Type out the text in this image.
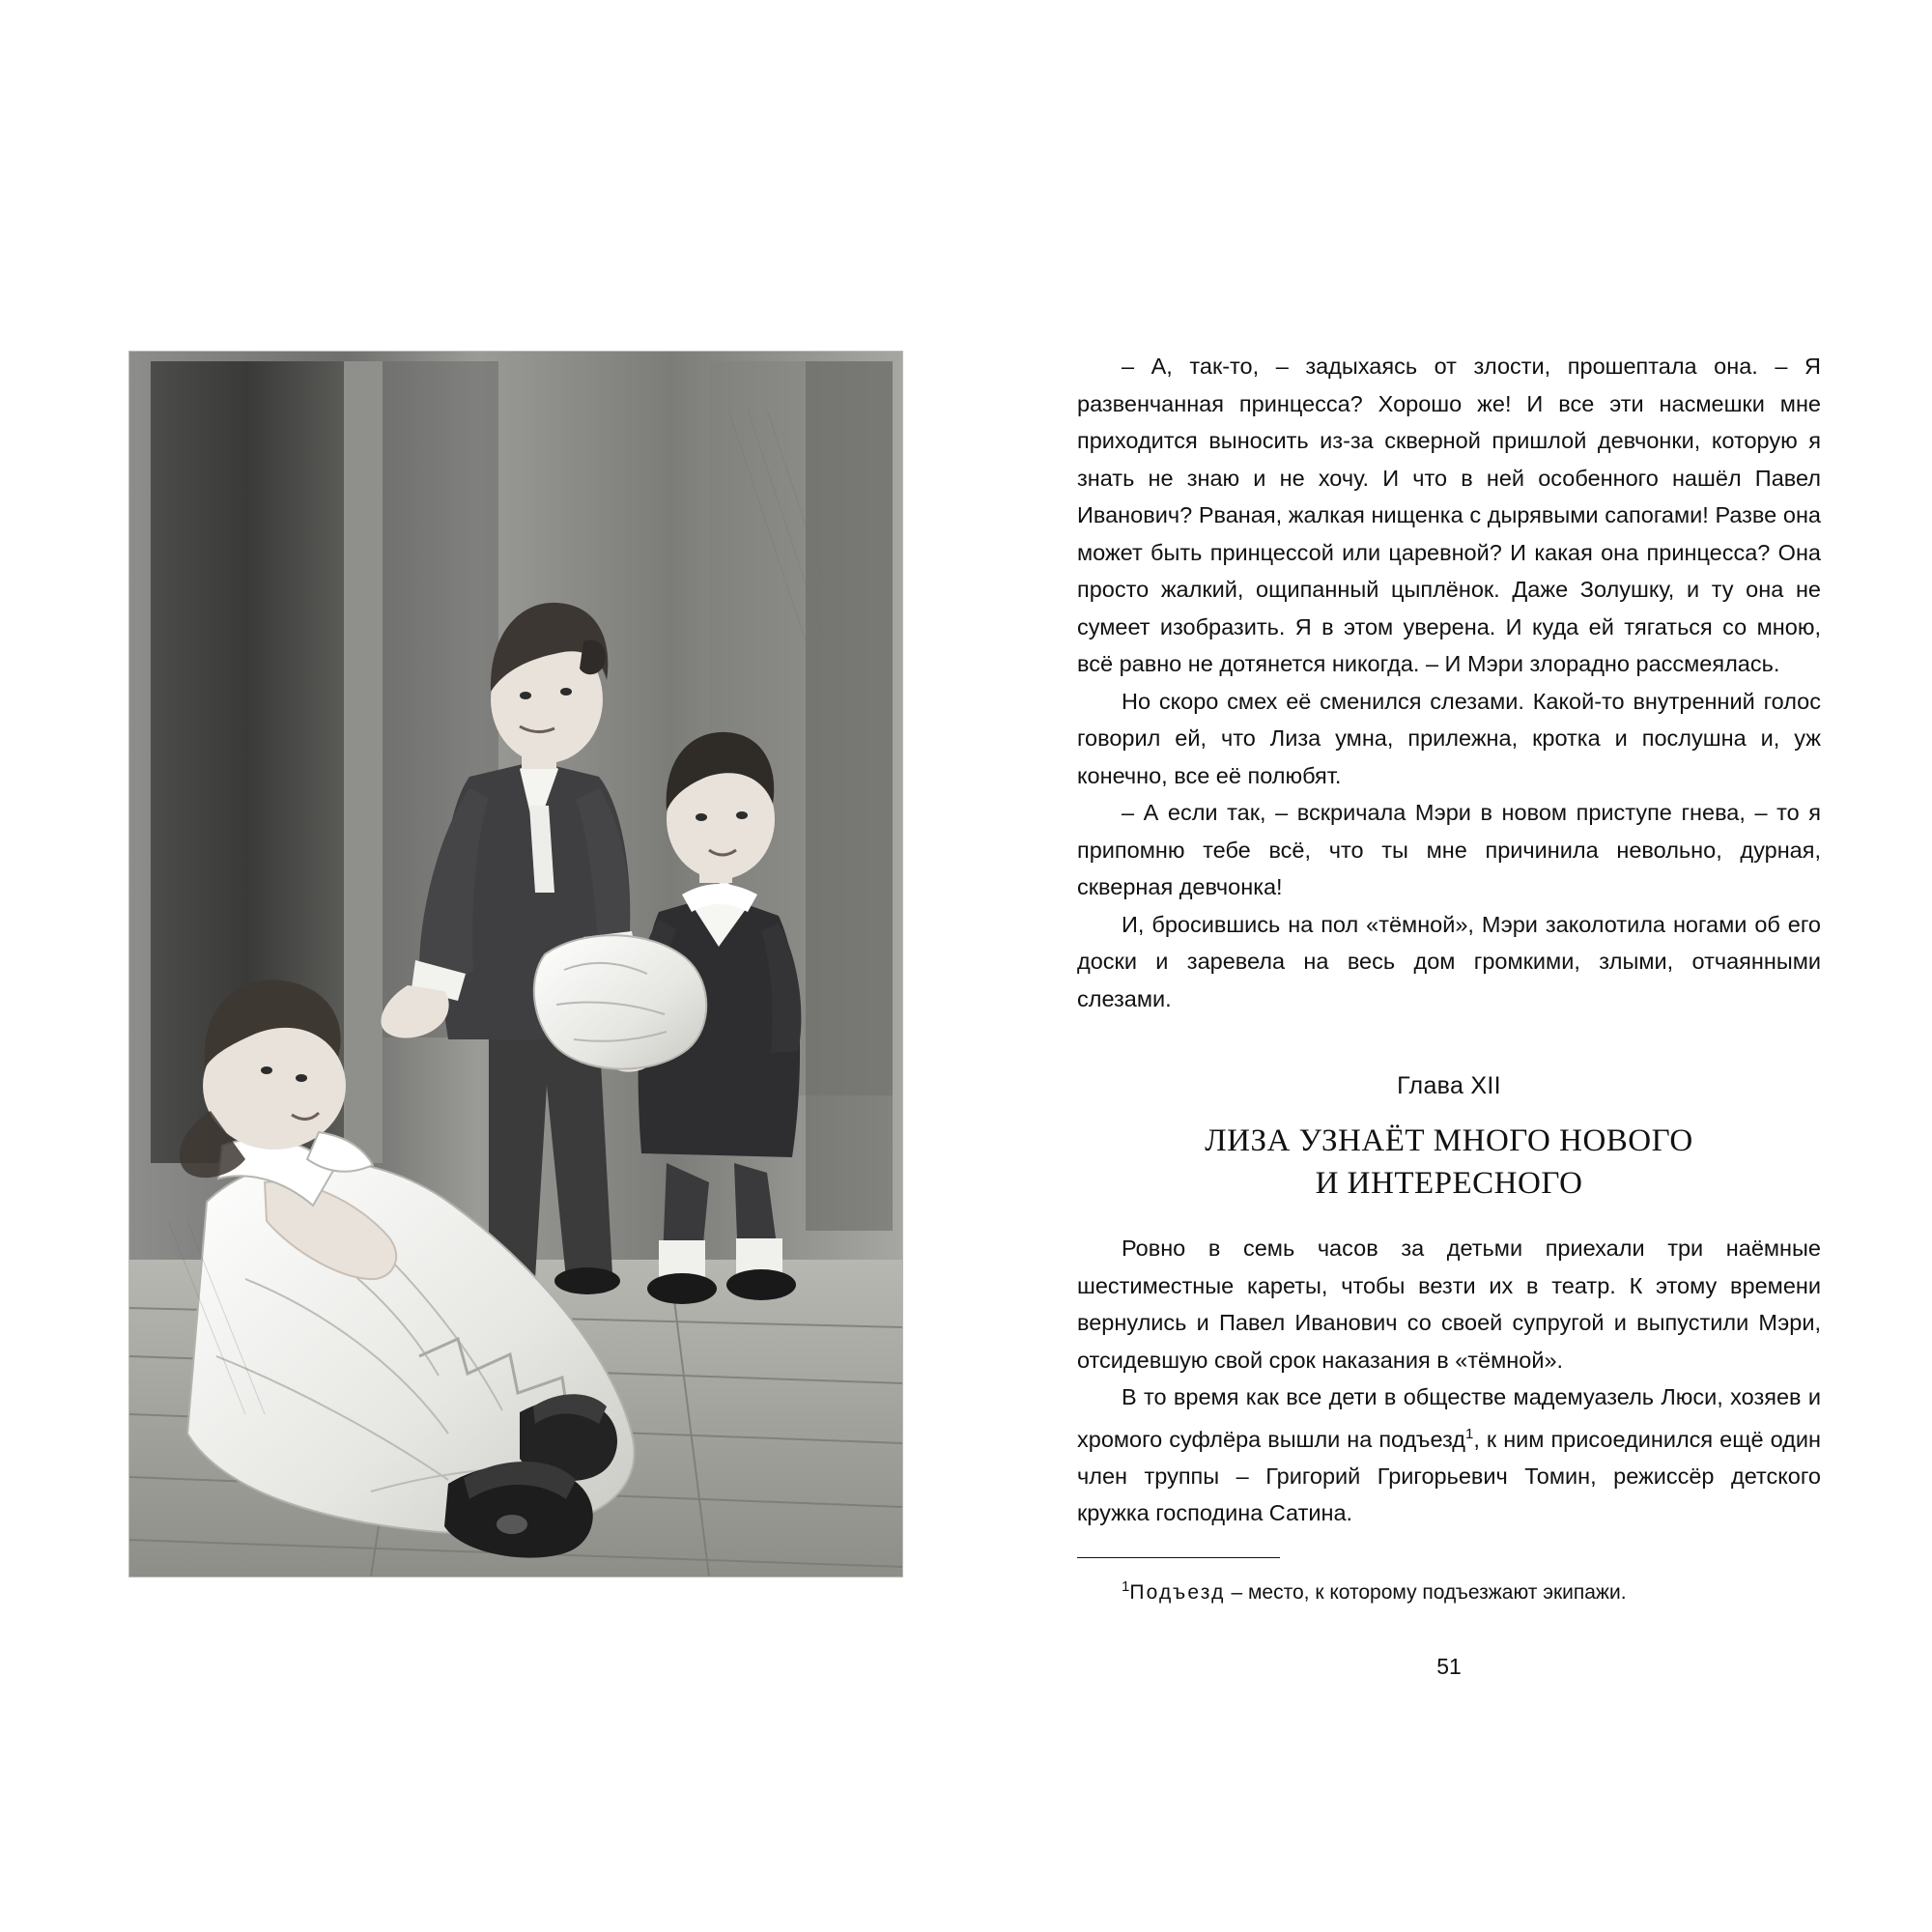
– А, так-то, – задыхаясь от злости, прошептала она. – Я развенчанная принцесса? Хорошо же! И все эти насмешки мне приходится выносить из-за скверной пришлой девчонки, которую я знать не знаю и не хочу. И что в ней особенного нашёл Павел Иванович? Рваная, жалкая нищенка с дырявыми сапогами! Разве она может быть принцессой или царевной? И какая она принцесса? Она просто жалкий, ощипанный цыплёнок. Даже Золушку, и ту она не сумеет изобразить. Я в этом уверена. И куда ей тягаться со мною, всё равно не дотянется никогда. – И Мэри злорадно рассмеялась.

Но скоро смех её сменился слезами. Какой-то внутренний голос говорил ей, что Лиза умна, прилежна, кротка и послушна и, уж конечно, все её полюбят.

– А если так, – вскричала Мэри в новом приступе гнева, – то я припомню тебе всё, что ты мне причинила невольно, дурная, скверная девчонка!

И, бросившись на пол «тёмной», Мэри заколотила ногами об его доски и заревела на весь дом громкими, злыми, отчаянными слезами.

Глава XII
ЛИЗА УЗНАЁТ МНОГО НОВОГО
И ИНТЕРЕСНОГО

Ровно в семь часов за детьми приехали три наёмные шестиместные кареты, чтобы везти их в театр. К этому времени вернулись и Павел Иванович со своей супругой и выпустили Мэри, отсидевшую свой срок наказания в «тёмной».

В то время как все дети в обществе мадемуазель Люси, хозяев и хромого суфлёра вышли на подъезд$^1$, к ним присоединился ещё один член труппы – Григорий Григорьевич Томин, режиссёр детского кружка господина Сатина.

$^1$Подъезд – место, к которому подъезжают экипажи.

51
